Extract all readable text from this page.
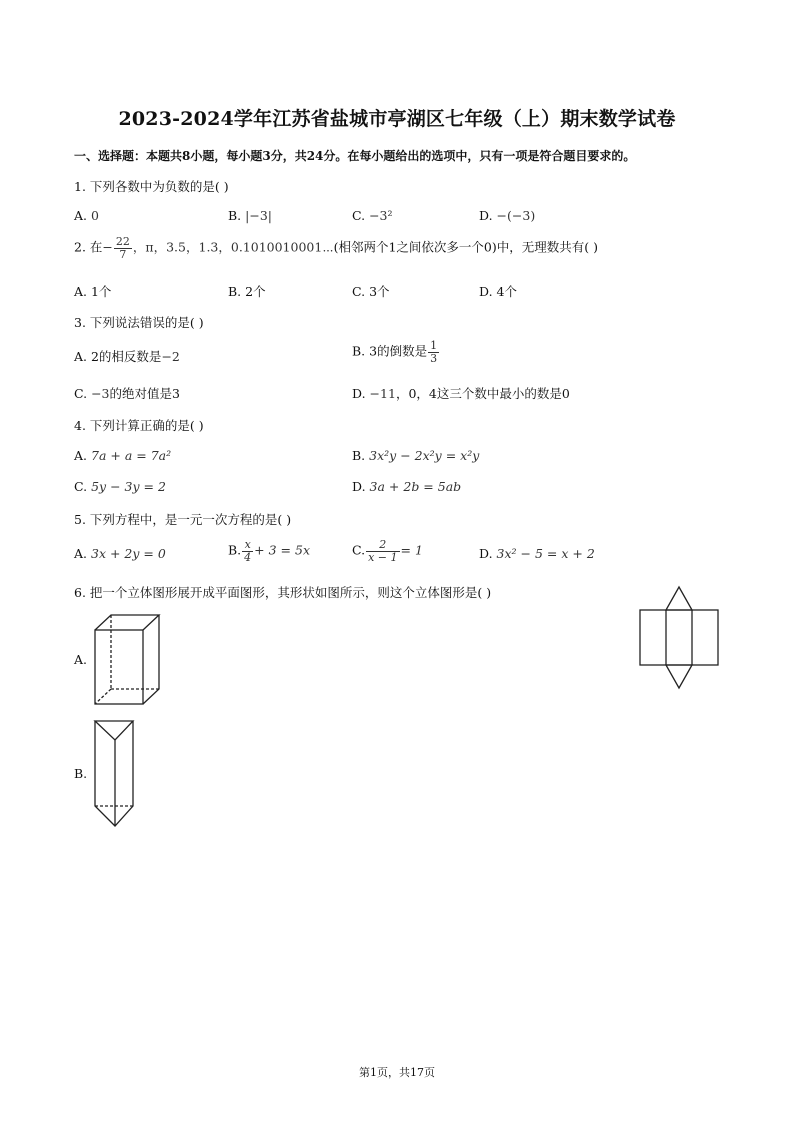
2023-2024学年江苏省盐城市亭湖区七年级（上）期末数学试卷
一、选择题：本题共8小题，每小题3分，共24分。在每小题给出的选项中，只有一项是符合题目要求的。
1. 下列各数中为负数的是( )
A. 0	B. |−3|	C. −3²	D. −(−3)
2. 在− $\frac{22}{7}$ ，π，3.5，1.3，0.1010010001⋯(相邻两个1之间依次多一个0)中，无理数共有( )
A. 1个	B. 2个	C. 3个	D. 4个
3. 下列说法错误的是( )
A. 2的相反数是−2	B. 3的倒数是 $\frac{1}{3}$
C. −3的绝对值是3	D. −11，0，4这三个数中最小的数是0
4. 下列计算正确的是( )
A. 7a + a = 7a²	B. 3x²y − 2x²y = x²y
C. 5y − 3y = 2	D. 3a + 2b = 5ab
5. 下列方程中，是一元一次方程的是( )
A. 3x + 2y = 0	B. $\frac{x}{4} + 3 = 5x$	C. $\frac{2}{x - 1} = 1$	D. 3x² − 5 = x + 2
6. 把一个立体图形展开成平面图形，其形状如图所示，则这个立体图形是( )
A.
B.
第1页，共17页
